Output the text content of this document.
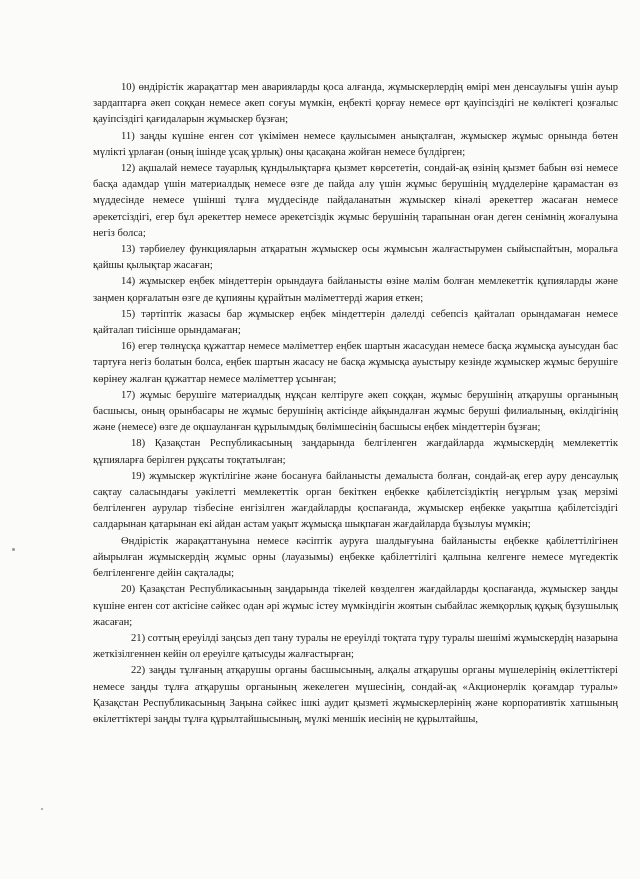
10) өндірістік жарақаттар мен аварияларды қоса алғанда, жұмыскерлердің өмірі мен денсаулығы үшін ауыр зардаптарға әкеп соққан немесе әкеп соғуы мүмкін, еңбекті қорғау немесе өрт қауіпсіздігі не көліктегі қозғалыс қауіпсіздігі қағидаларын жұмыскер бұзған;

11) заңды күшіне енген сот үкімімен немесе қаулысымен анықталған, жұмыскер жұмыс орнында бөтен мүлікті ұрлаған (оның ішінде ұсақ ұрлық) оны қасақана жойған немесе бүлдірген;

12) ақшалай немесе тауарлық құндылықтарға қызмет көрсететін, сондай-ақ өзінің қызмет бабын өзі немесе басқа адамдар үшін материалдық немесе өзге де пайда алу үшін жұмыс берушінің мүдделеріне қарамастан өз мүддесінде немесе үшінші тұлға мүддесінде пайдаланатын жұмыскер кінәлі әрекеттер жасаған немесе әрекетсіздігі, егер бұл әрекеттер немесе әрекетсіздік жұмыс берушінің тарапынан оған деген сенімнің жоғалуына негіз болса;

13) тәрбиелеу функцияларын атқаратын жұмыскер осы жұмысын жалғастырумен сыйыспайтын, моральға қайшы қылықтар жасаған;

14) жұмыскер еңбек міндеттерін орындауға байланысты өзіне мәлім болған мемлекеттік құпияларды және заңмен қорғалатын өзге де құпияны құрайтын мәліметтерді жария еткен;

15) тәртіптік жазасы бар жұмыскер еңбек міндеттерін дәлелді себепсіз қайталап орындамаған немесе қайталап тиісінше орындамаған;

16) егер төлнұсқа құжаттар немесе мәліметтер еңбек шартын жасасудан немесе басқа жұмысқа ауысудан бас тартуға негіз болатын болса, еңбек шартын жасасу не басқа жұмысқа ауыстыру кезінде жұмыскер жұмыс берушіге көрінеу жалған құжаттар немесе мәліметтер ұсынған;

17) жұмыс берушіге материалдық нұқсан келтіруге әкеп соққан, жұмыс берушінің атқарушы органының басшысы, оның орынбасары не жұмыс берушінің актісінде айқындалған жұмыс беруші филиалының, өкілдігінің және (немесе) өзге де оқшауланған құрылымдық бөлімшесінің басшысы еңбек міндеттерін бұзған;

18) Қазақстан Республикасының заңдарында белгіленген жағдайларда жұмыскердің мемлекеттік құпияларға берілген рұқсаты тоқтатылған;

19) жұмыскер жүктілігіне және босануға байланысты демалыста болған, сондай-ақ егер ауру денсаулық сақтау саласындағы уәкілетті мемлекеттік орган бекіткен еңбекке қабілетсіздіктің неғұрлым ұзақ мерзімі белгіленген аурулар тізбесіне енгізілген жағдайларды қоспағанда, жұмыскер еңбекке уақытша қабілетсіздігі салдарынан қатарынан екі айдан астам уақыт жұмысқа шықпаған жағдайларда бұзылуы мүмкін;

Өндірістік жарақаттануына немесе кәсіптік ауруға шалдығуына байланысты еңбекке қабілеттілігінен айырылған жұмыскердің жұмыс орны (лауазымы) еңбекке қабілеттілігі қалпына келгенге немесе мүгедектік белгіленгенге дейін сақталады;

20) Қазақстан Республикасының заңдарында тікелей көзделген жағдайларды қоспағанда, жұмыскер заңды күшіне енген сот актісіне сәйкес одан әрі жұмыс істеу мүмкіндігін жоятын сыбайлас жемқорлық құқық бұзушылық жасаған;

21) соттың ереуілді заңсыз деп тану туралы не ереуілді тоқтата тұру туралы шешімі жұмыскердің назарына жеткізілгеннен кейін ол ереуілге қатысуды жалғастырған;

22) заңды тұлғаның атқарушы органы басшысының, алқалы атқарушы органы мүшелерінің өкілеттіктері немесе заңды тұлға атқарушы органының жекелеген мүшесінің, сондай-ақ «Акционерлік қоғамдар туралы» Қазақстан Республикасының Заңына сәйкес ішкі аудит қызметі жұмыскерлерінің және корпоративтік хатшының өкілеттіктері заңды тұлға құрылтайшысының, мүлкі меншік иесінің не құрылтайшы,
